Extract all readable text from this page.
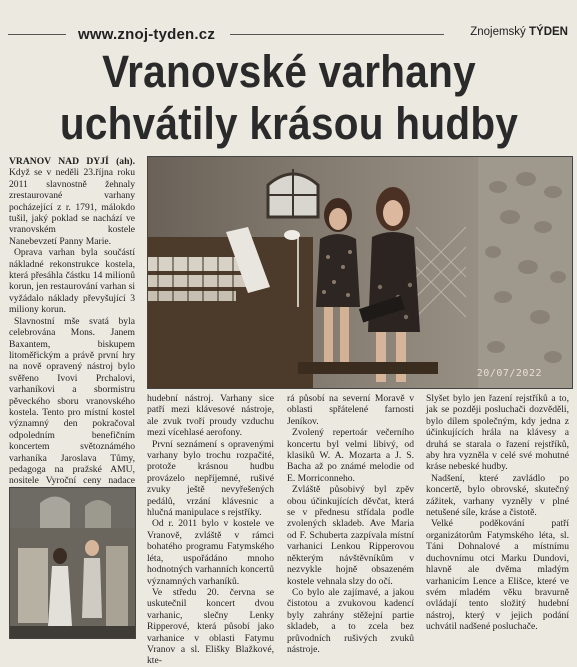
www.znoj-tyden.cz	Znojemský TÝDEN
Vranovské varhany
uchvátily krásou hudby

VRANOV NAD DYJÍ (ah). Když se v neděli 23.října roku 2011 slavnostně žehnaly zrestaurované varhany pocházející z r. 1791, málokdo tušil, jaký poklad se nachází ve vranovském kostele Nanebevzetí Panny Marie.

Oprava varhan byla součástí nákladné rekonstrukce kostela, která přesáhla částku 14 milionů korun, jen restaurování varhan si vyžádalo náklady převyšující 3 miliony korun.

Slavnostní mše svatá byla celebrována Mons. Janem Baxantem, biskupem litoměřickým a právě první hry na nově opravený nástroj bylo svěřeno Ivovi Prchalovi, varhaníkovi a sbormistru pěveckého sboru vranovského kostela. Tento pro místní kostel významný den pokračoval odpoledním benefičním koncertem světoznámého varhaníka Jaroslava Tůmy, pedagoga na pražské AMU, nositele Vyroční ceny nadace

20/07/2022

hudební nástroj. Varhany sice patří mezi klávesové nástroje, ale zvuk tvoří proudy vzduchu mezi vícehlasé aerofony.

První seznámení s opravenými varhany bylo trochu rozpačité, protože krásnou hudbu provázelo nepříjemné, rušivé zvuky ještě nevyřešených pedálů, vrzání klávesnic a hlučná manipulace s rejstříky.

Od r. 2011 bylo v kostele ve Vranově, zvláště v rámci bohatého programu Fatymského léta, uspořádáno mnoho hodnotných varhanních koncertů významných varhaníků.

Ve středu 20. června se uskutečnil koncert dvou varhanic, slečny Lenky Ripperové, která působí jako varhanice v oblasti Fatymu Vranov a sl. Elišky Blažkové, kte-

rá působí na severní Moravě v oblasti spřátelené farnosti Jeníkov.

Zvolený repertoár večerního koncertu byl velmi libivý, od klasiků W. A. Mozarta a J. S. Bacha až po známé melodie od E. Morriconneho.

Zvláště působivý byl zpěv obou účinkujících děvčat, která se v přednesu střídala podle zvolených skladeb. Ave Maria od F. Schuberta zazpívala místní varhanici Lenkou Ripperovou některým návštěvníkům v nezvykle hojně obsazeném kostele vehnala slzy do očí.

Co bylo ale zajímavé, a jakou čistotou a zvukovou kadencí byly zahrány stěžejní partie skladeb, a to zcela bez průvodních rušivých zvuků nástroje.

Slyšet bylo jen řazení rejstříků a to, jak se později posluchači dozvěděli, bylo dílem společným, kdy jedna z účinkujících hrála na klávesy a druhá se starala o řazení rejstříků, aby hra vyzněla v celé své mohutné kráse nebeské hudby.

Nadšení, které zavládlo po koncertě, bylo obrovské, skutečný zážitek, varhany vyzněly v plné netušené síle, kráse a čistotě.

Velké poděkování patří organizátorům Fatymského léta, sl. Táni Dohnalové a místnímu duchovnímu otci Marku Dundovi, hlavně ale dvěma mladým varhanicím Lence a Elišce, které ve svém mladém věku bravurně ovládají tento složitý hudební nástroj, který v jejich podání uchvátil nadšené posluchače.
